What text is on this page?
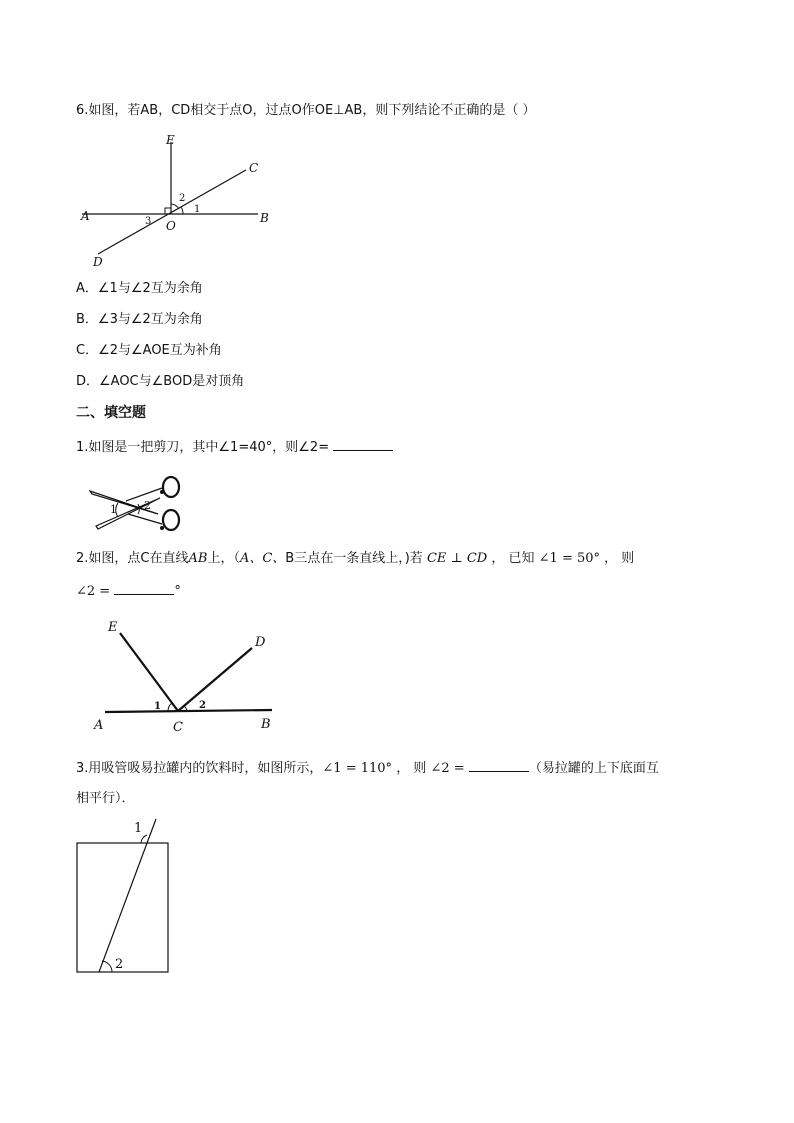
6.如图，若AB，CD相交于点O，过点O作OE⊥AB，则下列结论不正确的是（ ）
E
C
A	B
O
D
1
2
3
A．∠1与∠2互为余角
B．∠3与∠2互为余角
C．∠2与∠AOE互为补角
D．∠AOC与∠BOD是对顶角
二、填空题
1.如图是一把剪刀，其中∠1=40°，则∠2=
1 2
2.如图，点C在直线AB上，（A、C、B三点在一条直线上，)若 CE ⊥ CD ， 已知 ∠1 = 50° ， 则
∠2 =	°
E
D
A	C	B
1	2
3.用吸管吸易拉罐内的饮料时，如图所示，∠1 = 110° ， 则 ∠2 =	（易拉罐的上下底面互
相平行）．
1
2
